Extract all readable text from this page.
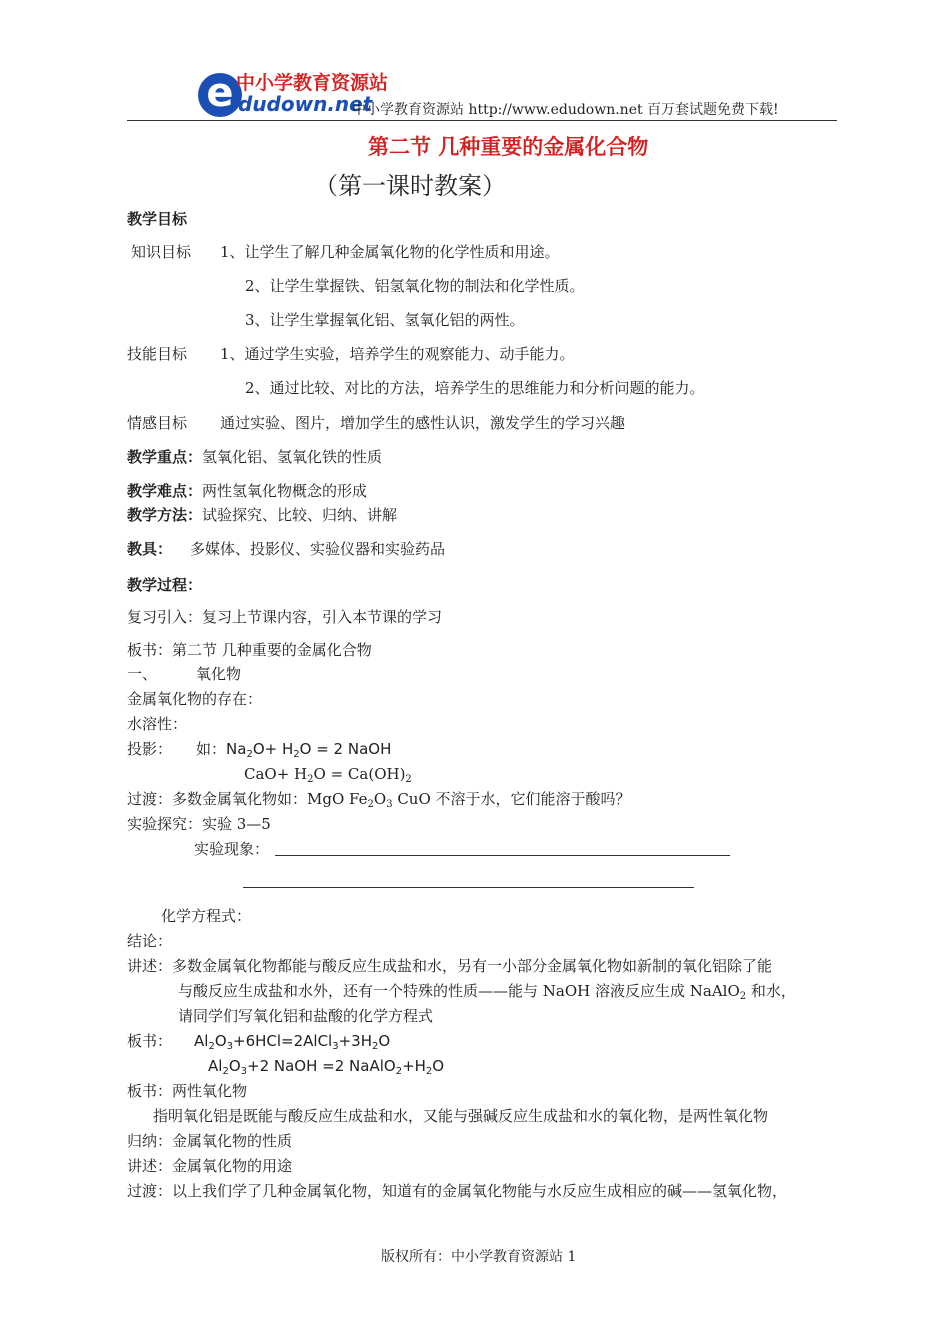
e 中小学教育资源站
dudown.net
中小学教育资源站 http://www.edudown.net 百万套试题免费下载!
第二节 几种重要的金属化合物
（第一课时教案）
教学目标
知识目标 1、让学生了解几种金属氧化物的化学性质和用途。
2、让学生掌握铁、铝氢氧化物的制法和化学性质。
3、让学生掌握氧化铝、氢氧化铝的两性。
技能目标 1、通过学生实验，培养学生的观察能力、动手能力。
2、通过比较、对比的方法，培养学生的思维能力和分析问题的能力。
情感目标 通过实验、图片，增加学生的感性认识，激发学生的学习兴趣
教学重点：氢氧化铝、氢氧化铁的性质
教学难点：两性氢氧化物概念的形成
教学方法：试验探究、比较、归纳、讲解
教具： 多媒体、投影仪、实验仪器和实验药品
教学过程：
复习引入：复习上节课内容，引入本节课的学习
板书：第二节 几种重要的金属化合物
一、	氧化物
金属氧化物的存在：
水溶性：
投影： 如：$Na_2O+ H_2O = 2$ NaOH
$CaO+ H_2O = Ca(OH)_2$
过渡：多数金属氧化物如：MgO $Fe_2O_3$ CuO 不溶于水，它们能溶于酸吗？
实验探究：实验 3—5
实验现象：
化学方程式：
结论：
讲述：多数金属氧化物都能与酸反应生成盐和水，另有一小部分金属氧化物如新制的氧化铝除了能
与酸反应生成盐和水外，还有一个特殊的性质——能与 NaOH 溶液反应生成 NaAlO$_2$ 和水，
请同学们写氧化铝和盐酸的化学方程式
板书： $Al_2O_3+6HCl=2AlCl_3+3H_2O$
$Al_2O_3+2$ NaOH =2 $NaAlO_2+H_2O$
板书：两性氧化物
指明氧化铝是既能与酸反应生成盐和水，又能与强碱反应生成盐和水的氧化物，是两性氧化物
归纳：金属氧化物的性质
讲述：金属氧化物的用途
过渡：以上我们学了几种金属氧化物，知道有的金属氧化物能与水反应生成相应的碱——氢氧化物，
版权所有：中小学教育资源站 1
